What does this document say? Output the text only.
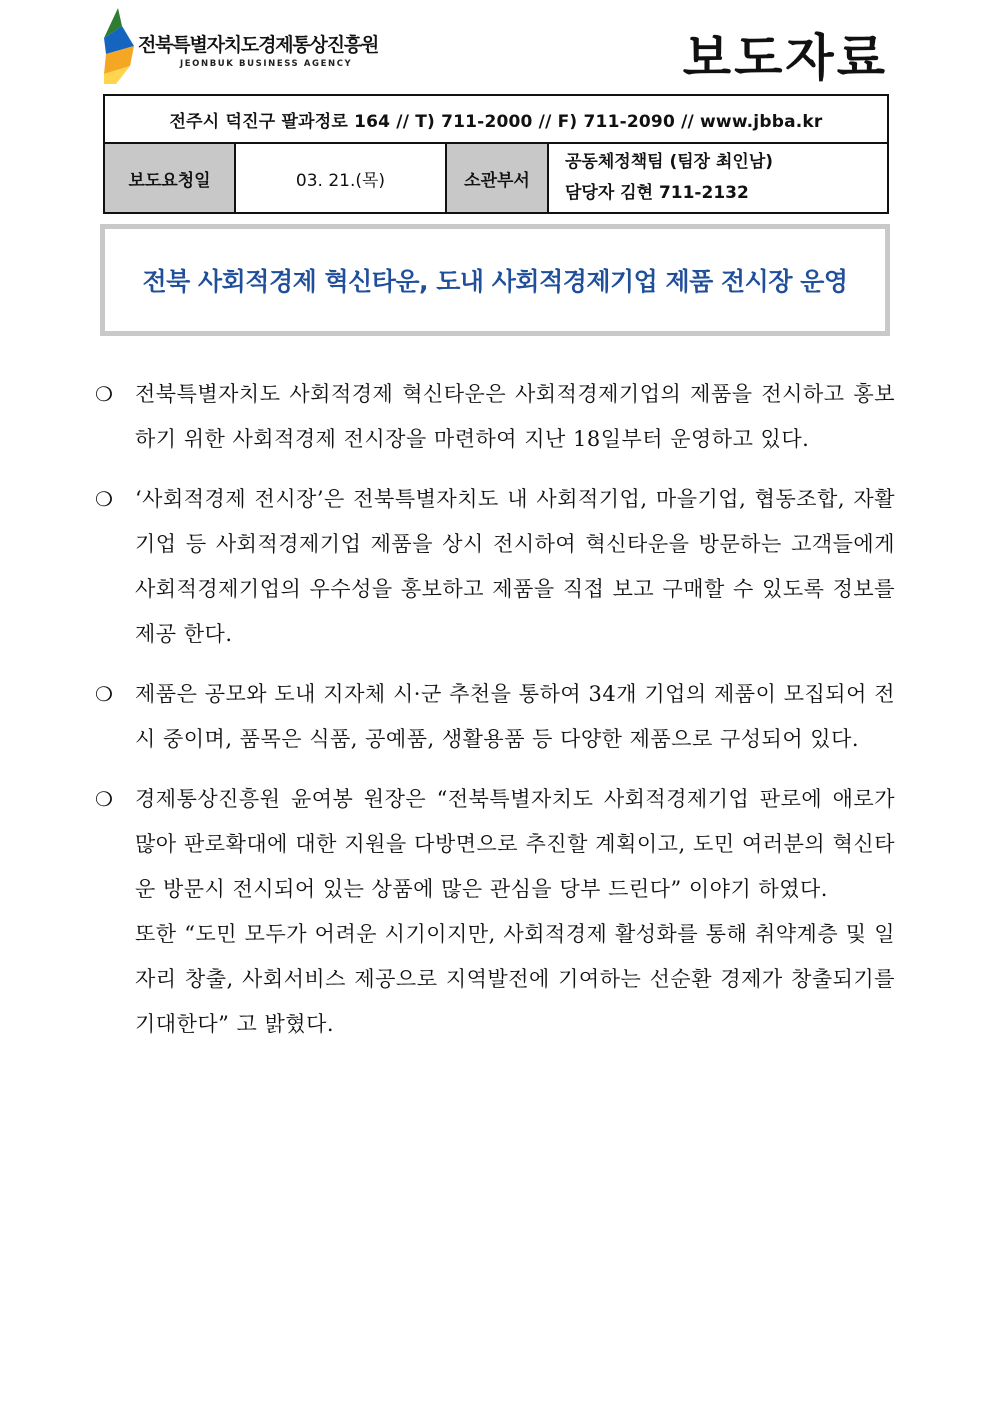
전북특별자치도경제통상진흥원
JEONBUK BUSINESS AGENCY	보도자료
전주시 덕진구 팔과정로 164 // T) 711-2000 // F) 711-2090 // www.jbba.kr
보도요청일	03. 21.(목)	소관부서	
공동체정책팀 (팀장 최인남)
담당자 김현 711-2132
전북 사회적경제 혁신타운, 도내 사회적경제기업 제품 전시장 운영
❍	전북특별자치도 사회적경제 혁신타운은 사회적경제기업의 제품을 전시하고 홍보하기 위한 사회적경제 전시장을 마련하여 지난 18일부터 운영하고 있다.
❍	‘사회적경제 전시장’은 전북특별자치도 내 사회적기업, 마을기업, 협동조합, 자활기업 등 사회적경제기업 제품을 상시 전시하여 혁신타운을 방문하는 고객들에게 사회적경제기업의 우수성을 홍보하고 제품을 직접 보고 구매할 수 있도록 정보를 제공 한다.
❍	제품은 공모와 도내 지자체 시·군 추천을 통하여 34개 기업의 제품이 모집되어 전시 중이며, 품목은 식품, 공예품, 생활용품 등 다양한 제품으로 구성되어 있다.
❍	경제통상진흥원 윤여봉 원장은 “전북특별자치도 사회적경제기업 판로에 애로가 많아 판로확대에 대한 지원을 다방면으로 추진할 계획이고, 도민 여러분의 혁신타운 방문시 전시되어 있는 상품에 많은 관심을 당부 드린다” 이야기 하였다.
또한 “도민 모두가 어려운 시기이지만, 사회적경제 활성화를 통해 취약계층 및 일자리 창출, 사회서비스 제공으로 지역발전에 기여하는 선순환 경제가 창출되기를 기대한다” 고 밝혔다.
